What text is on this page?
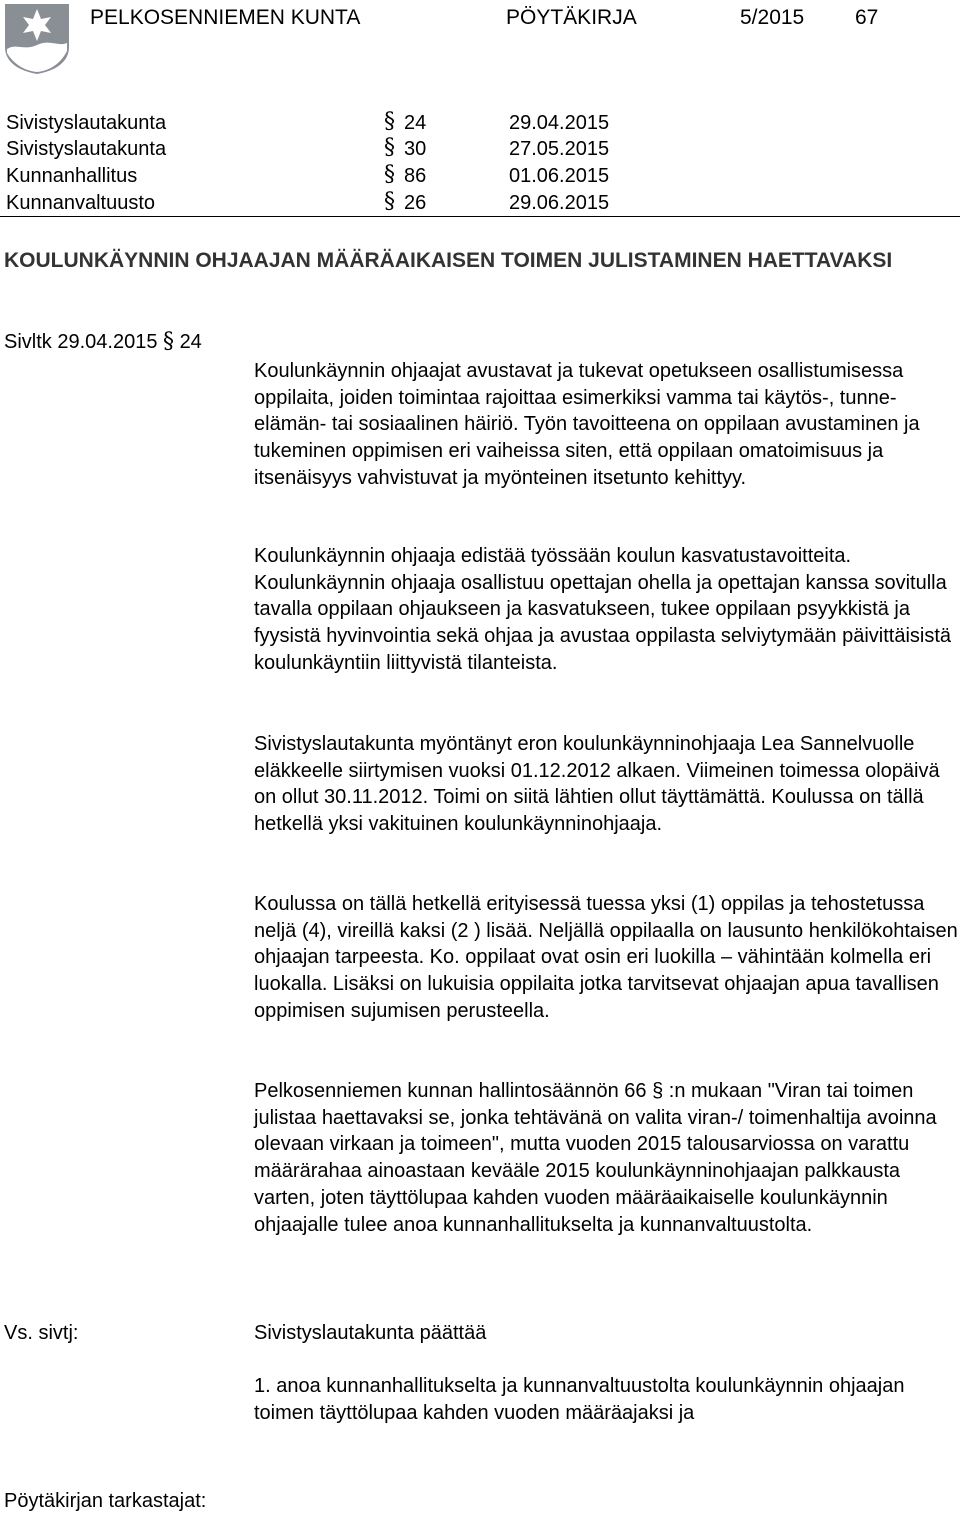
PELKOSENNIEMEN KUNTA	PÖYTÄKIRJA	5/2015 67
Sivistyslautakunta	§ 24	29.04.2015
Sivistyslautakunta	§ 30	27.05.2015
Kunnanhallitus	§ 86	01.06.2015
Kunnanvaltuusto	§ 26	29.06.2015
KOULUNKÄYNNIN OHJAAJAN MÄÄRÄAIKAISEN TOIMEN JULISTAMINEN HAETTAVAKSI
Sivltk 29.04.2015 § 24
Koulunkäynnin ohjaajat avustavat ja tukevat opetukseen osallistumisessa oppilaita, joiden toimintaa rajoittaa esimerkiksi vamma tai käytös-, tunne-elämän- tai sosiaalinen häiriö. Työn tavoitteena on oppilaan avustaminen ja tukeminen oppimisen eri vaiheissa siten, että oppilaan omatoimisuus ja itsenäisyys vahvistuvat ja myönteinen itsetunto kehittyy.
Koulunkäynnin ohjaaja edistää työssään koulun kasvatustavoitteita. Koulunkäynnin ohjaaja osallistuu opettajan ohella ja opettajan kanssa sovitulla tavalla oppilaan ohjaukseen ja kasvatukseen, tukee oppilaan psyykkistä ja fyysistä hyvinvointia sekä ohjaa ja avustaa oppilasta selviytymään päivittäisistä koulunkäyntiin liittyvistä tilanteista.
Sivistyslautakunta myöntänyt eron koulunkäynninohjaaja Lea Sannelvuolle eläkkeelle siirtymisen vuoksi 01.12.2012 alkaen. Viimeinen toimessa olopäivä on ollut 30.11.2012. Toimi on siitä lähtien ollut täyttämättä. Koulussa on tällä hetkellä yksi vakituinen koulunkäynninohjaaja.
Koulussa on tällä hetkellä erityisessä tuessa yksi (1) oppilas ja tehostetussa neljä (4), vireillä kaksi (2 ) lisää. Neljällä oppilaalla on lausunto henkilökohtaisen ohjaajan tarpeesta. Ko. oppilaat ovat osin eri luokilla – vähintään kolmella eri luokalla. Lisäksi on lukuisia oppilaita jotka tarvitsevat ohjaajan apua tavallisen oppimisen sujumisen perusteella.
Pelkosenniemen kunnan hallintosäännön 66 § :n mukaan "Viran tai toimen julistaa haettavaksi se, jonka tehtävänä on valita viran-/ toimenhaltija avoinna olevaan virkaan ja toimeen", mutta vuoden 2015 talousarviossa on varattu määrärahaa ainoastaan kevääle 2015 koulunkäynninohjaajan palkkausta varten, joten täyttölupaa kahden vuoden määräaikaiselle koulunkäynnin ohjaajalle tulee anoa kunnanhallitukselta ja kunnanvaltuustolta.
Vs. sivtj:	Sivistyslautakunta päättää
1. anoa kunnanhallitukselta ja kunnanvaltuustolta koulunkäynnin ohjaajan toimen täyttölupaa kahden vuoden määräajaksi ja
Pöytäkirjan tarkastajat:
